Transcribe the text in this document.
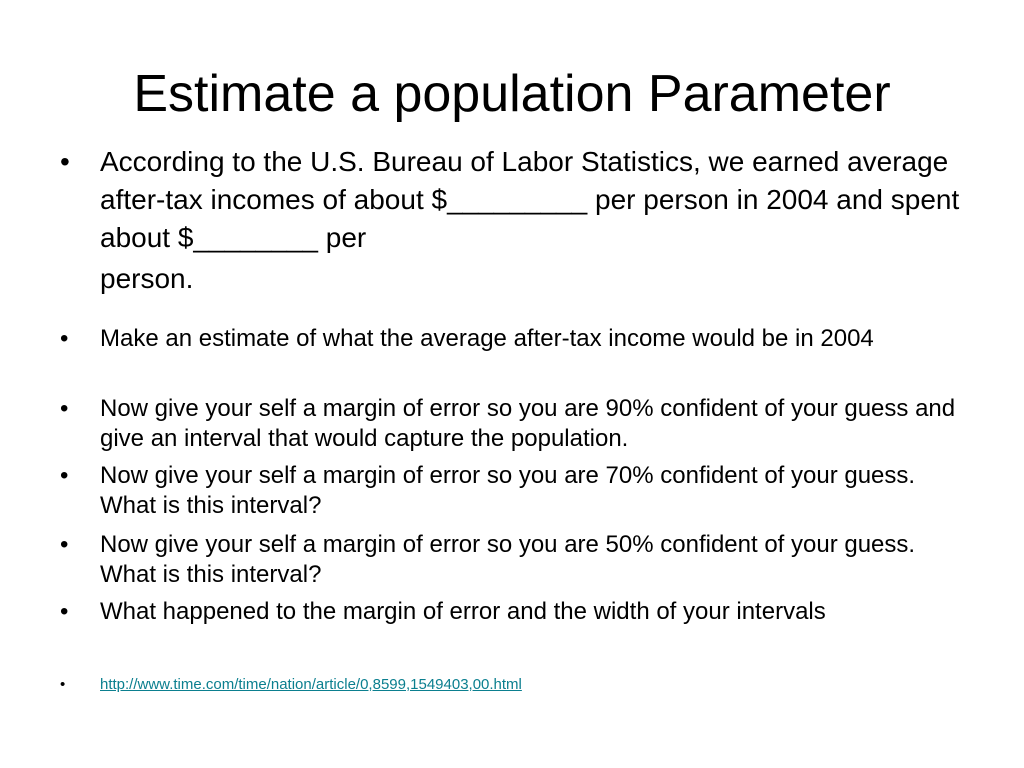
Estimate a population Parameter
• According to the U.S. Bureau of Labor Statistics, we earned average after-tax incomes of about $_________ per person in 2004 and spent about $________ per
person.
• Make an estimate of what the average after-tax income would be in 2004
• Now give your self a margin of error so you are 90% confident of your guess and give an interval that would capture the population.
• Now give your self a margin of error so you are 70% confident of your guess. What is this interval?
• Now give your self a margin of error so you are 50% confident of your guess. What is this interval?
• What happened to the margin of error and the width of your intervals
• http://www.time.com/time/nation/article/0,8599,1549403,00.html
